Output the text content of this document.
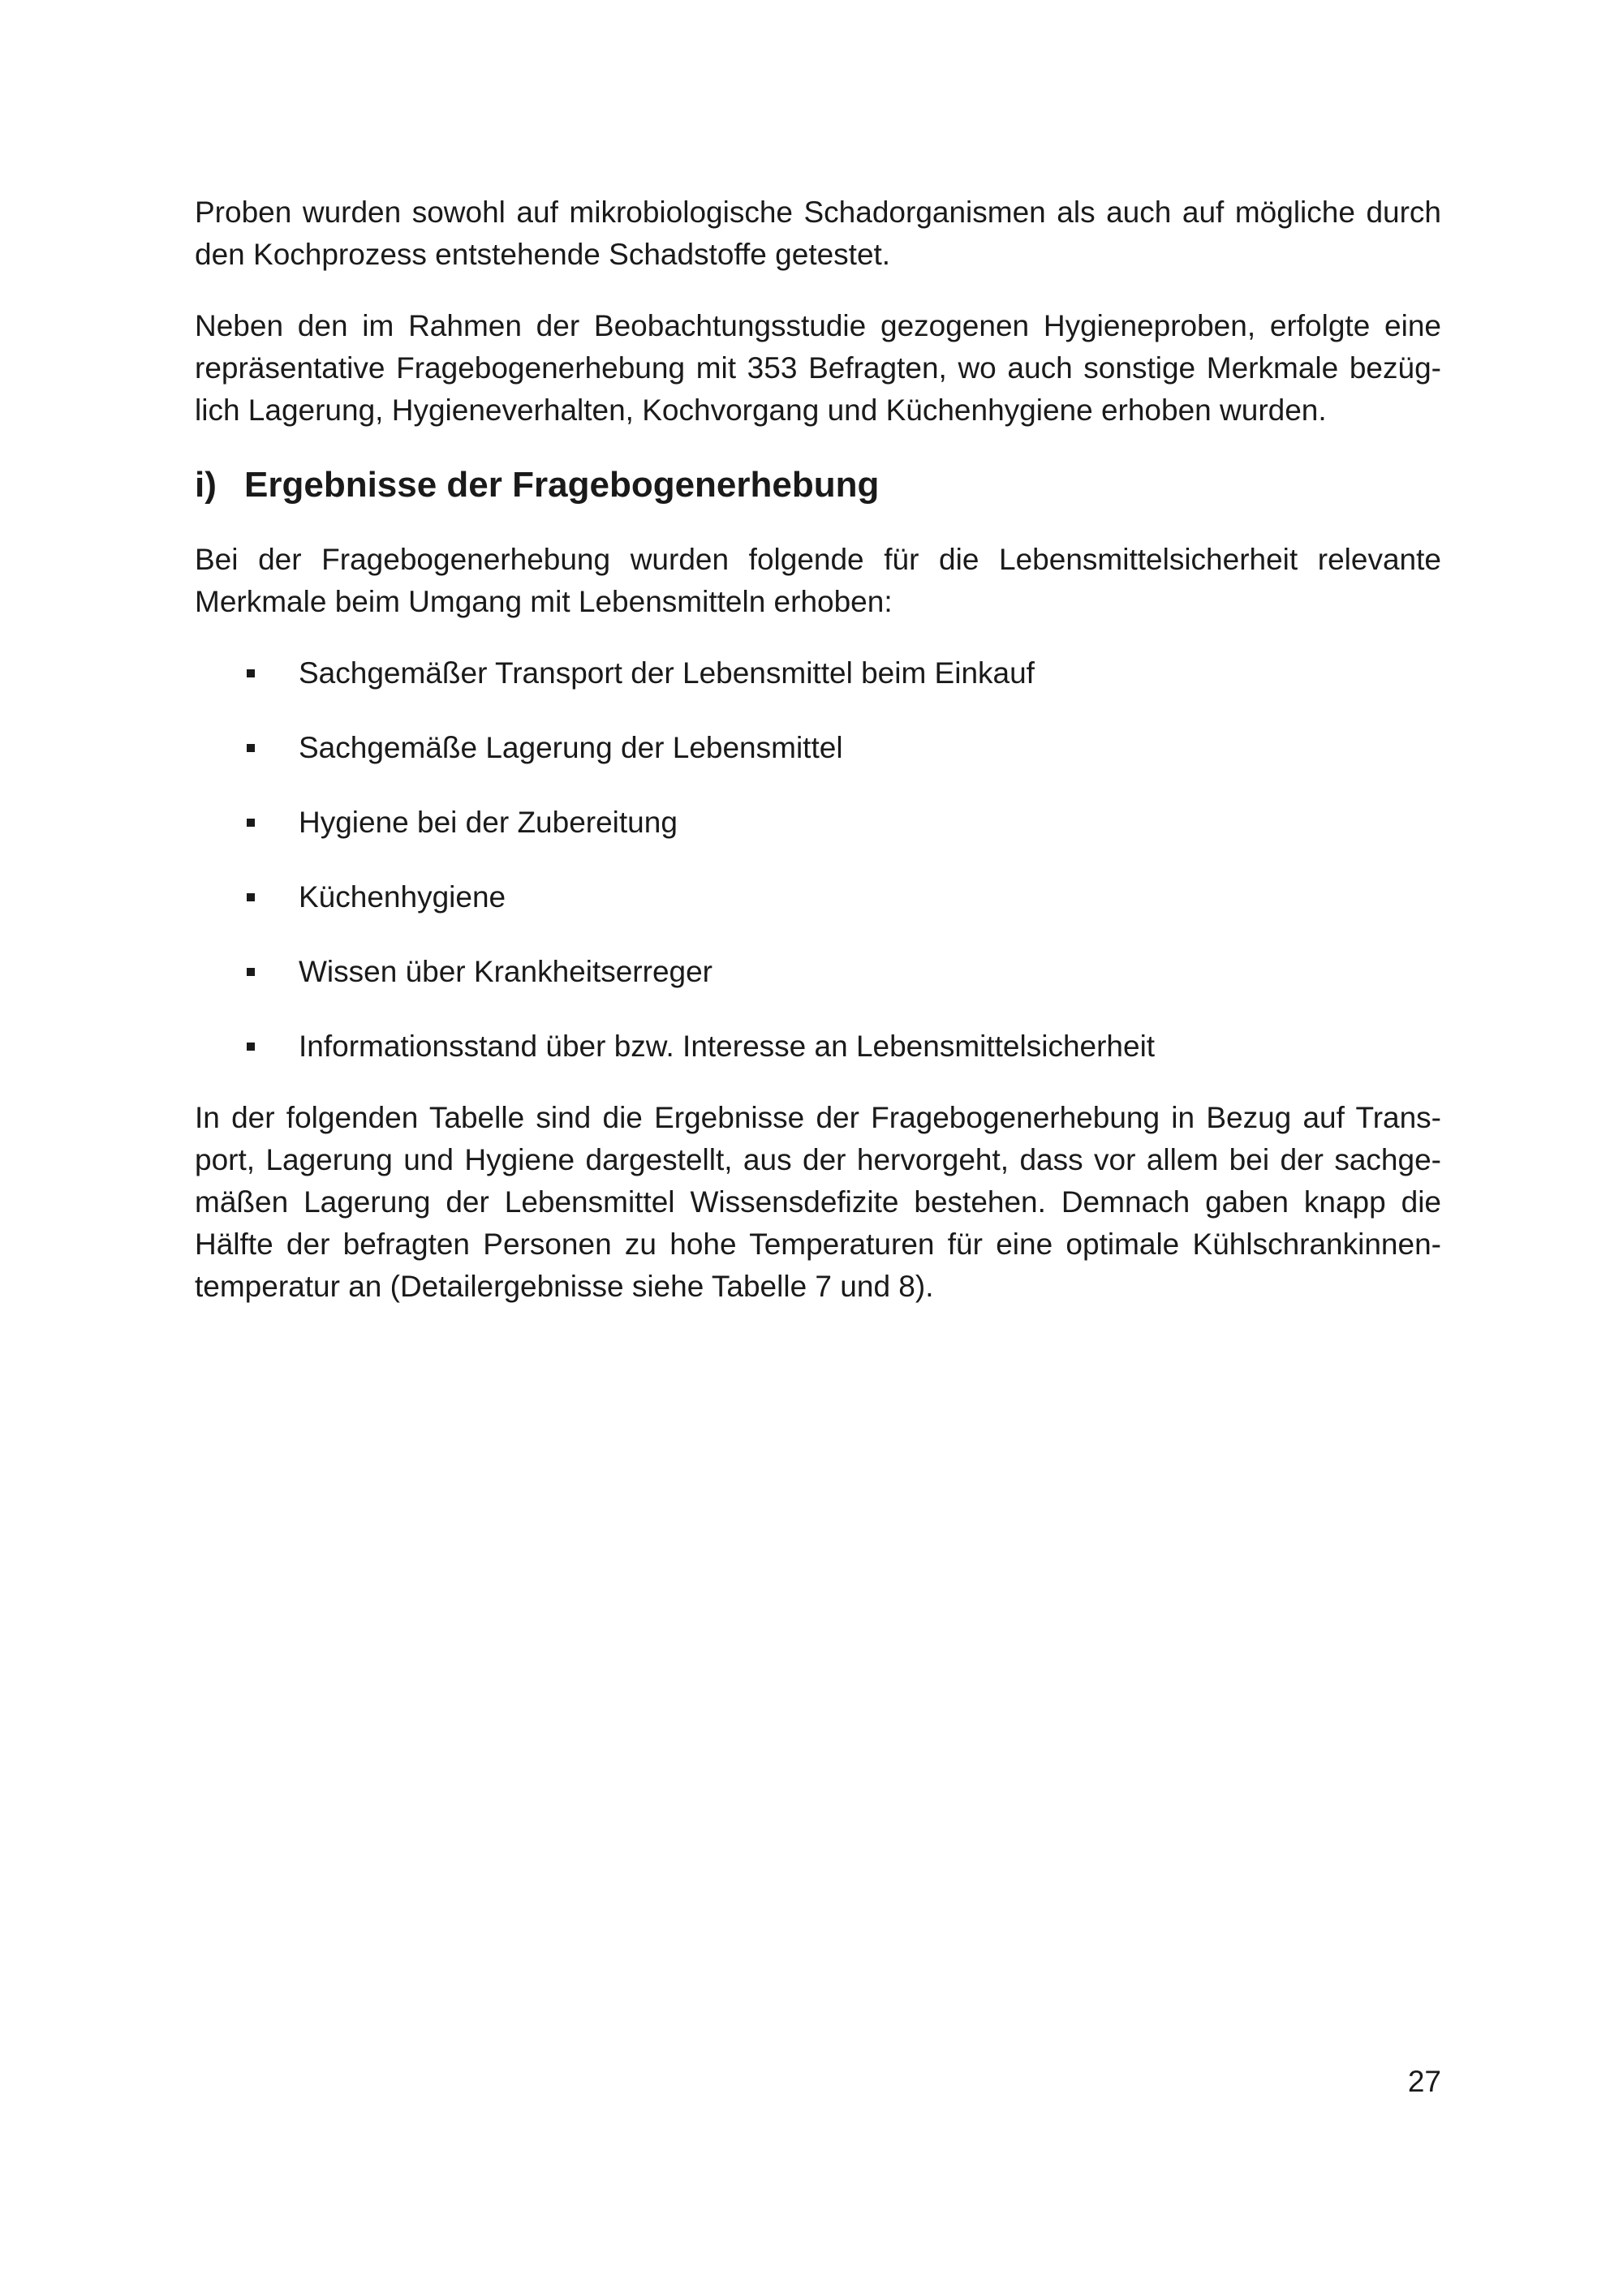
Proben wurden sowohl auf mikrobiologische Schadorganismen als auch auf mögliche durch
den Kochprozess entstehende Schadstoffe getestet.

Neben den im Rahmen der Beobachtungsstudie gezogenen Hygieneproben, erfolgte eine
repräsentative Fragebogenerhebung mit 353 Befragten, wo auch sonstige Merkmale bezüg-
lich Lagerung, Hygieneverhalten, Kochvorgang und Küchenhygiene erhoben wurden.

i) Ergebnisse der Fragebogenerhebung

Bei der Fragebogenerhebung wurden folgende für die Lebensmittelsicherheit relevante
Merkmale beim Umgang mit Lebensmitteln erhoben:

Sachgemäßer Transport der Lebensmittel beim Einkauf
Sachgemäße Lagerung der Lebensmittel
Hygiene bei der Zubereitung
Küchenhygiene
Wissen über Krankheitserreger
Informationsstand über bzw. Interesse an Lebensmittelsicherheit

In der folgenden Tabelle sind die Ergebnisse der Fragebogenerhebung in Bezug auf Trans-
port, Lagerung und Hygiene dargestellt, aus der hervorgeht, dass vor allem bei der sachge-
mäßen Lagerung der Lebensmittel Wissensdefizite bestehen. Demnach gaben knapp die
Hälfte der befragten Personen zu hohe Temperaturen für eine optimale Kühlschrankinnen-
temperatur an (Detailergebnisse siehe Tabelle 7 und 8).

27
